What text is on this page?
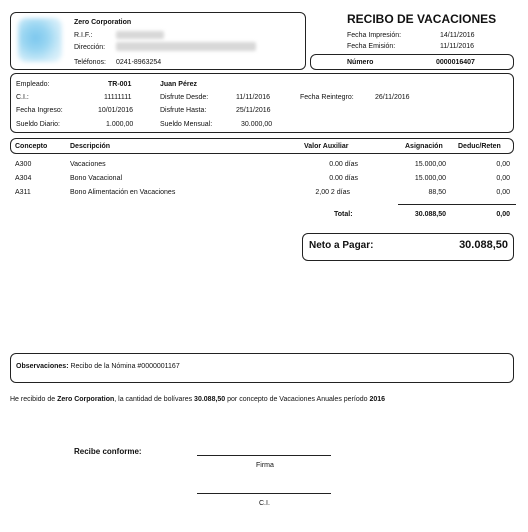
Zero Corporation
R.I.F.:
Dirección:
Teléfonos: 0241-8963254
RECIBO DE VACACIONES
Fecha Impresión:	14/11/2016
Fecha Emisión:	11/11/2016
Número	0000016407
Empleado:	TR-001	Juan Pérez
C.I.:	11111111	Disfrute Desde:	11/11/2016	Fecha Reintegro:	26/11/2016
Fecha Ingreso:	10/01/2016	Disfrute Hasta:	25/11/2016
Sueldo Diario:	1.000,00	Sueldo Mensual:	30.000,00
Concepto	Descripción	Valor Auxiliar	Asignación Deduc/Reten
A300	Vacaciones	0.00 días	15.000,00	0,00
A304	Bono Vacacional	0.00 días	15.000,00	0,00
A311	Bono Alimentación en Vacaciones	2,00 2 días	88,50	0,00
Total:	30.088,50	0,00
Neto a Pagar:	30.088,50
Observaciones: Recibo de la Nómina #0000001167
He recibido de Zero Corporation, la cantidad de bolívares 30.088,50 por concepto de Vacaciones Anuales período 2016
Recibe conforme:
Firma
C.I.
